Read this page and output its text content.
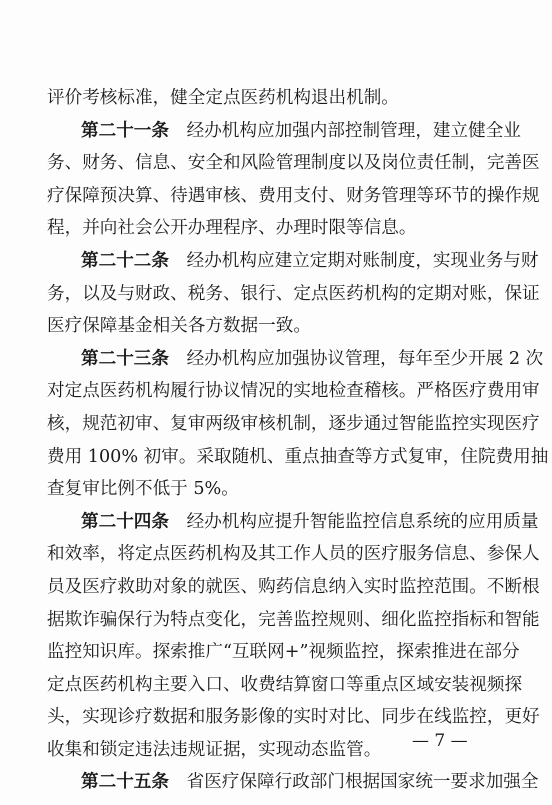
评价考核标准，健全定点医药机构退出机制。
第二十一条　 经办机构应加强内部控制管理，建立健全业
务、财务、信息、安全和风险管理制度以及岗位责任制，完善医
疗保障预决算、待遇审核、费用支付、财务管理等环节的操作规
程，并向社会公开办理程序、办理时限等信息。
第二十二条　 经办机构应建立定期对账制度，实现业务与财
务，以及与财政、税务、银行、定点医药机构的定期对账，保证
医疗保障基金相关各方数据一致。
第二十三条　 经办机构应加强协议管理，每年至少开展 2 次
对定点医药机构履行协议情况的实地检查稽核。严格医疗费用审
核，规范初审、复审两级审核机制，逐步通过智能监控实现医疗
费用 100% 初审。采取随机、重点抽查等方式复审，住院费用抽
查复审比例不低于 5%。
第二十四条　 经办机构应提升智能监控信息系统的应用质量
和效率，将定点医药机构及其工作人员的医疗服务信息、参保人
员及医疗救助对象的就医、购药信息纳入实时监控范围。不断根
据欺诈骗保行为特点变化，完善监控规则、细化监控指标和智能
监控知识库。探索推广“互联网+”视频监控，探索推进在部分
定点医药机构主要入口、收费结算窗口等重点区域安装视频探
头，实现诊疗数据和服务影像的实时对比、同步在线监控，更好
收集和锁定违法违规证据，实现动态监管。
第二十五条　 省医疗保障行政部门根据国家统一要求加强全
— 7 —
